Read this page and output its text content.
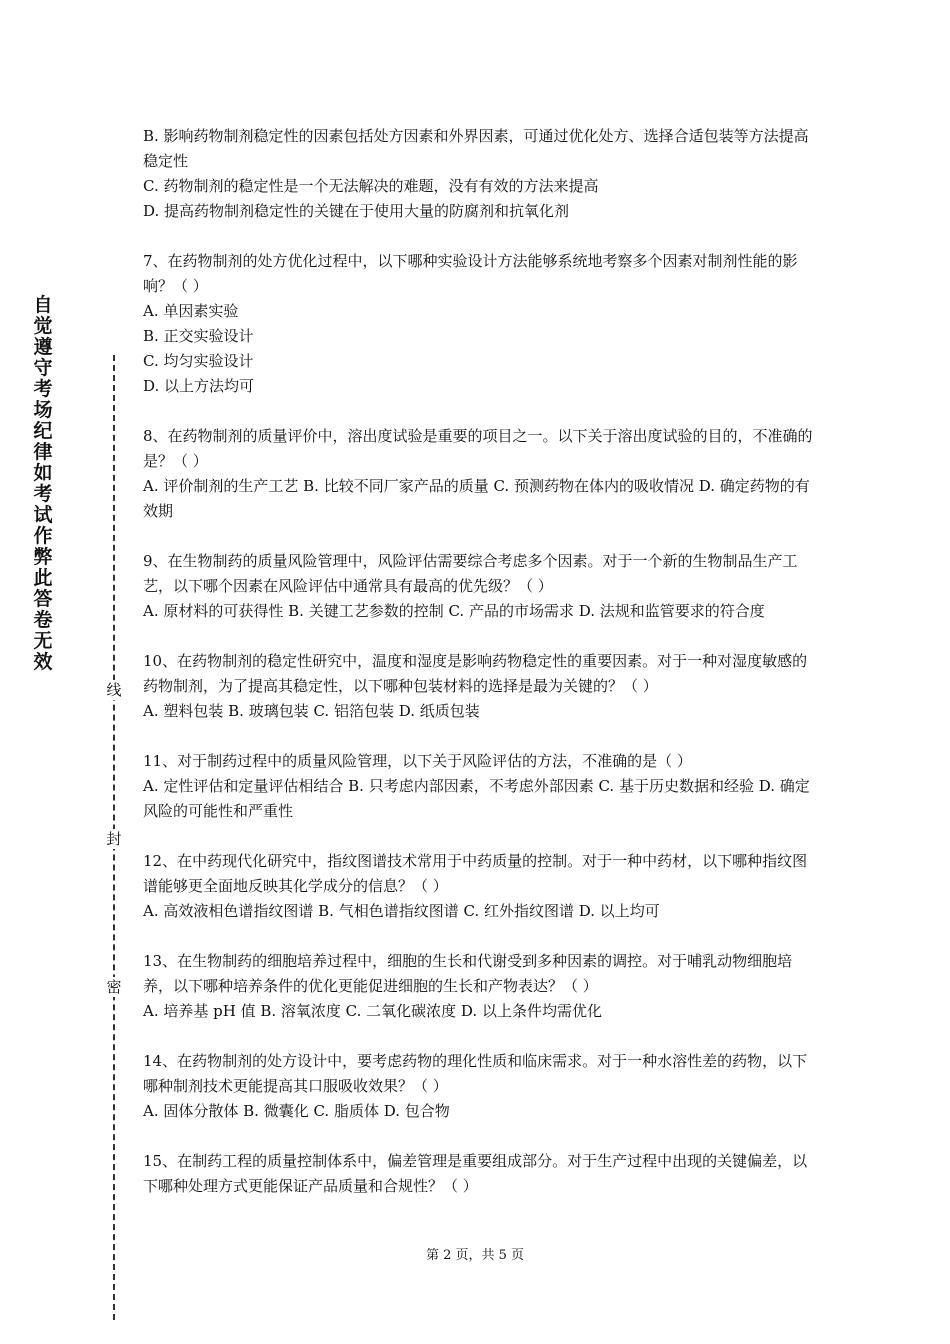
自
觉
遵
守
考
场
纪
律
如
考
试
作
弊
此
答
卷
无
效
线
封
密

B. 影响药物制剂稳定性的因素包括处方因素和外界因素，可通过优化处方、选择合适包装等方法提高稳定性

C. 药物制剂的稳定性是一个无法解决的难题，没有有效的方法来提高

D. 提高药物制剂稳定性的关键在于使用大量的防腐剂和抗氧化剂

7、在药物制剂的处方优化过程中，以下哪种实验设计方法能够系统地考察多个因素对制剂性能的影响？（ ）

A. 单因素实验

B. 正交实验设计

C. 均匀实验设计

D. 以上方法均可

8、在药物制剂的质量评价中，溶出度试验是重要的项目之一。以下关于溶出度试验的目的，不准确的是？（ ）

A. 评价制剂的生产工艺 B. 比较不同厂家产品的质量 C. 预测药物在体内的吸收情况 D. 确定药物的有效期

9、在生物制药的质量风险管理中，风险评估需要综合考虑多个因素。对于一个新的生物制品生产工艺，以下哪个因素在风险评估中通常具有最高的优先级？（ ）

A. 原材料的可获得性 B. 关键工艺参数的控制 C. 产品的市场需求 D. 法规和监管要求的符合度

10、在药物制剂的稳定性研究中，温度和湿度是影响药物稳定性的重要因素。对于一种对湿度敏感的药物制剂，为了提高其稳定性，以下哪种包装材料的选择是最为关键的？（ ）

A. 塑料包装 B. 玻璃包装 C. 铝箔包装 D. 纸质包装

11、对于制药过程中的质量风险管理，以下关于风险评估的方法，不准确的是（ ）

A. 定性评估和定量评估相结合 B. 只考虑内部因素，不考虑外部因素 C. 基于历史数据和经验 D. 确定风险的可能性和严重性

12、在中药现代化研究中，指纹图谱技术常用于中药质量的控制。对于一种中药材，以下哪种指纹图谱能够更全面地反映其化学成分的信息？（ ）

A. 高效液相色谱指纹图谱 B. 气相色谱指纹图谱 C. 红外指纹图谱 D. 以上均可

13、在生物制药的细胞培养过程中，细胞的生长和代谢受到多种因素的调控。对于哺乳动物细胞培养，以下哪种培养条件的优化更能促进细胞的生长和产物表达？（ ）

A. 培养基 pH 值 B. 溶氧浓度 C. 二氧化碳浓度 D. 以上条件均需优化

14、在药物制剂的处方设计中，要考虑药物的理化性质和临床需求。对于一种水溶性差的药物，以下哪种制剂技术更能提高其口服吸收效果？（ ）

A. 固体分散体 B. 微囊化 C. 脂质体 D. 包合物

15、在制药工程的质量控制体系中，偏差管理是重要组成部分。对于生产过程中出现的关键偏差，以下哪种处理方式更能保证产品质量和合规性？（ ）

第 2 页，共 5 页
